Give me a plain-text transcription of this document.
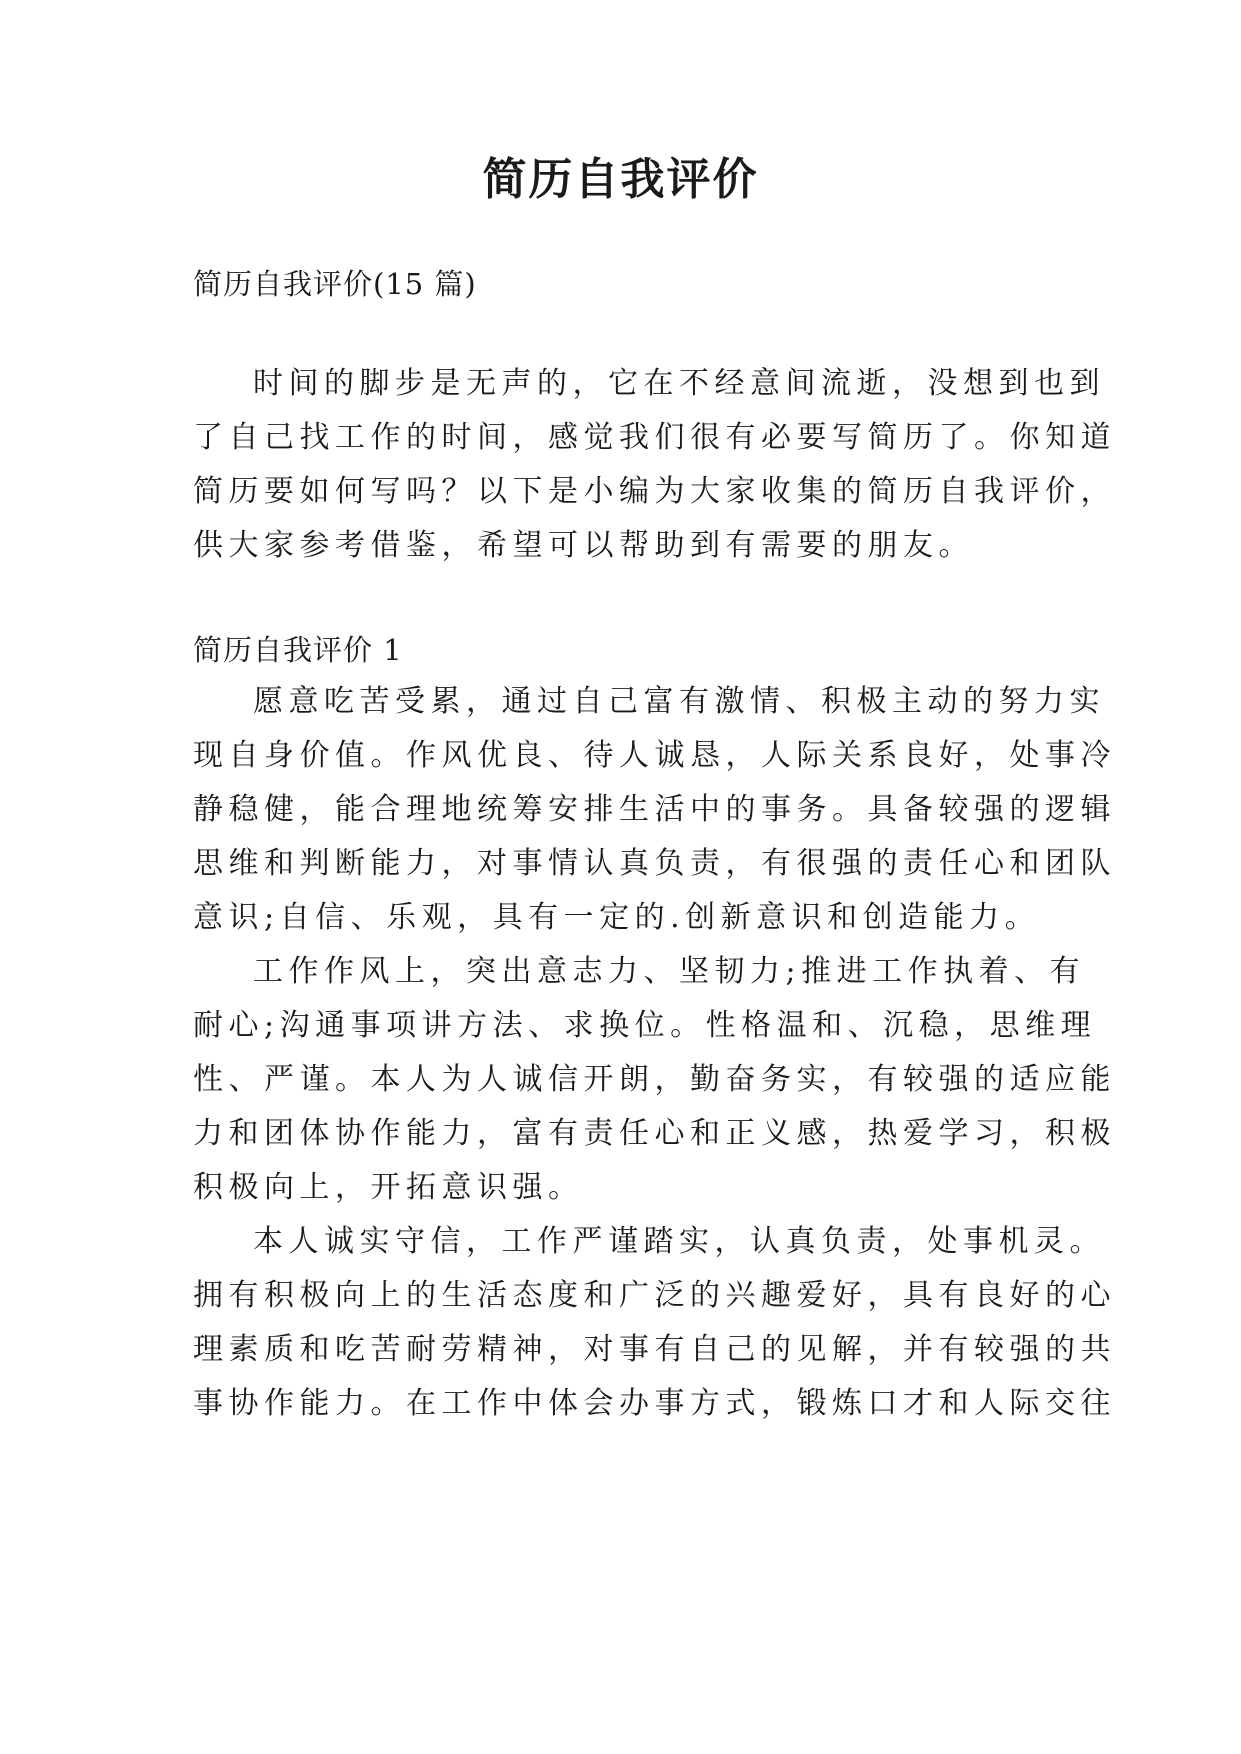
简历自我评价
简历自我评价(15 篇)
时间的脚步是无声的，它在不经意间流逝，没想到也到
了自己找工作的时间，感觉我们很有必要写简历了。你知道
简历要如何写吗？以下是小编为大家收集的简历自我评价，
供大家参考借鉴，希望可以帮助到有需要的朋友。
简历自我评价 1
愿意吃苦受累，通过自己富有激情、积极主动的努力实
现自身价值。作风优良、待人诚恳，人际关系良好，处事冷
静稳健，能合理地统筹安排生活中的事务。具备较强的逻辑
思维和判断能力，对事情认真负责，有很强的责任心和团队
意识;自信、乐观，具有一定的.创新意识和创造能力。
工作作风上，突出意志力、坚韧力;推进工作执着、有
耐心;沟通事项讲方法、求换位。性格温和、沉稳，思维理
性、严谨。本人为人诚信开朗，勤奋务实，有较强的适应能
力和团体协作能力，富有责任心和正义感，热爱学习，积极
积极向上，开拓意识强。
本人诚实守信，工作严谨踏实，认真负责，处事机灵。
拥有积极向上的生活态度和广泛的兴趣爱好，具有良好的心
理素质和吃苦耐劳精神，对事有自己的见解，并有较强的共
事协作能力。在工作中体会办事方式，锻炼口才和人际交往
